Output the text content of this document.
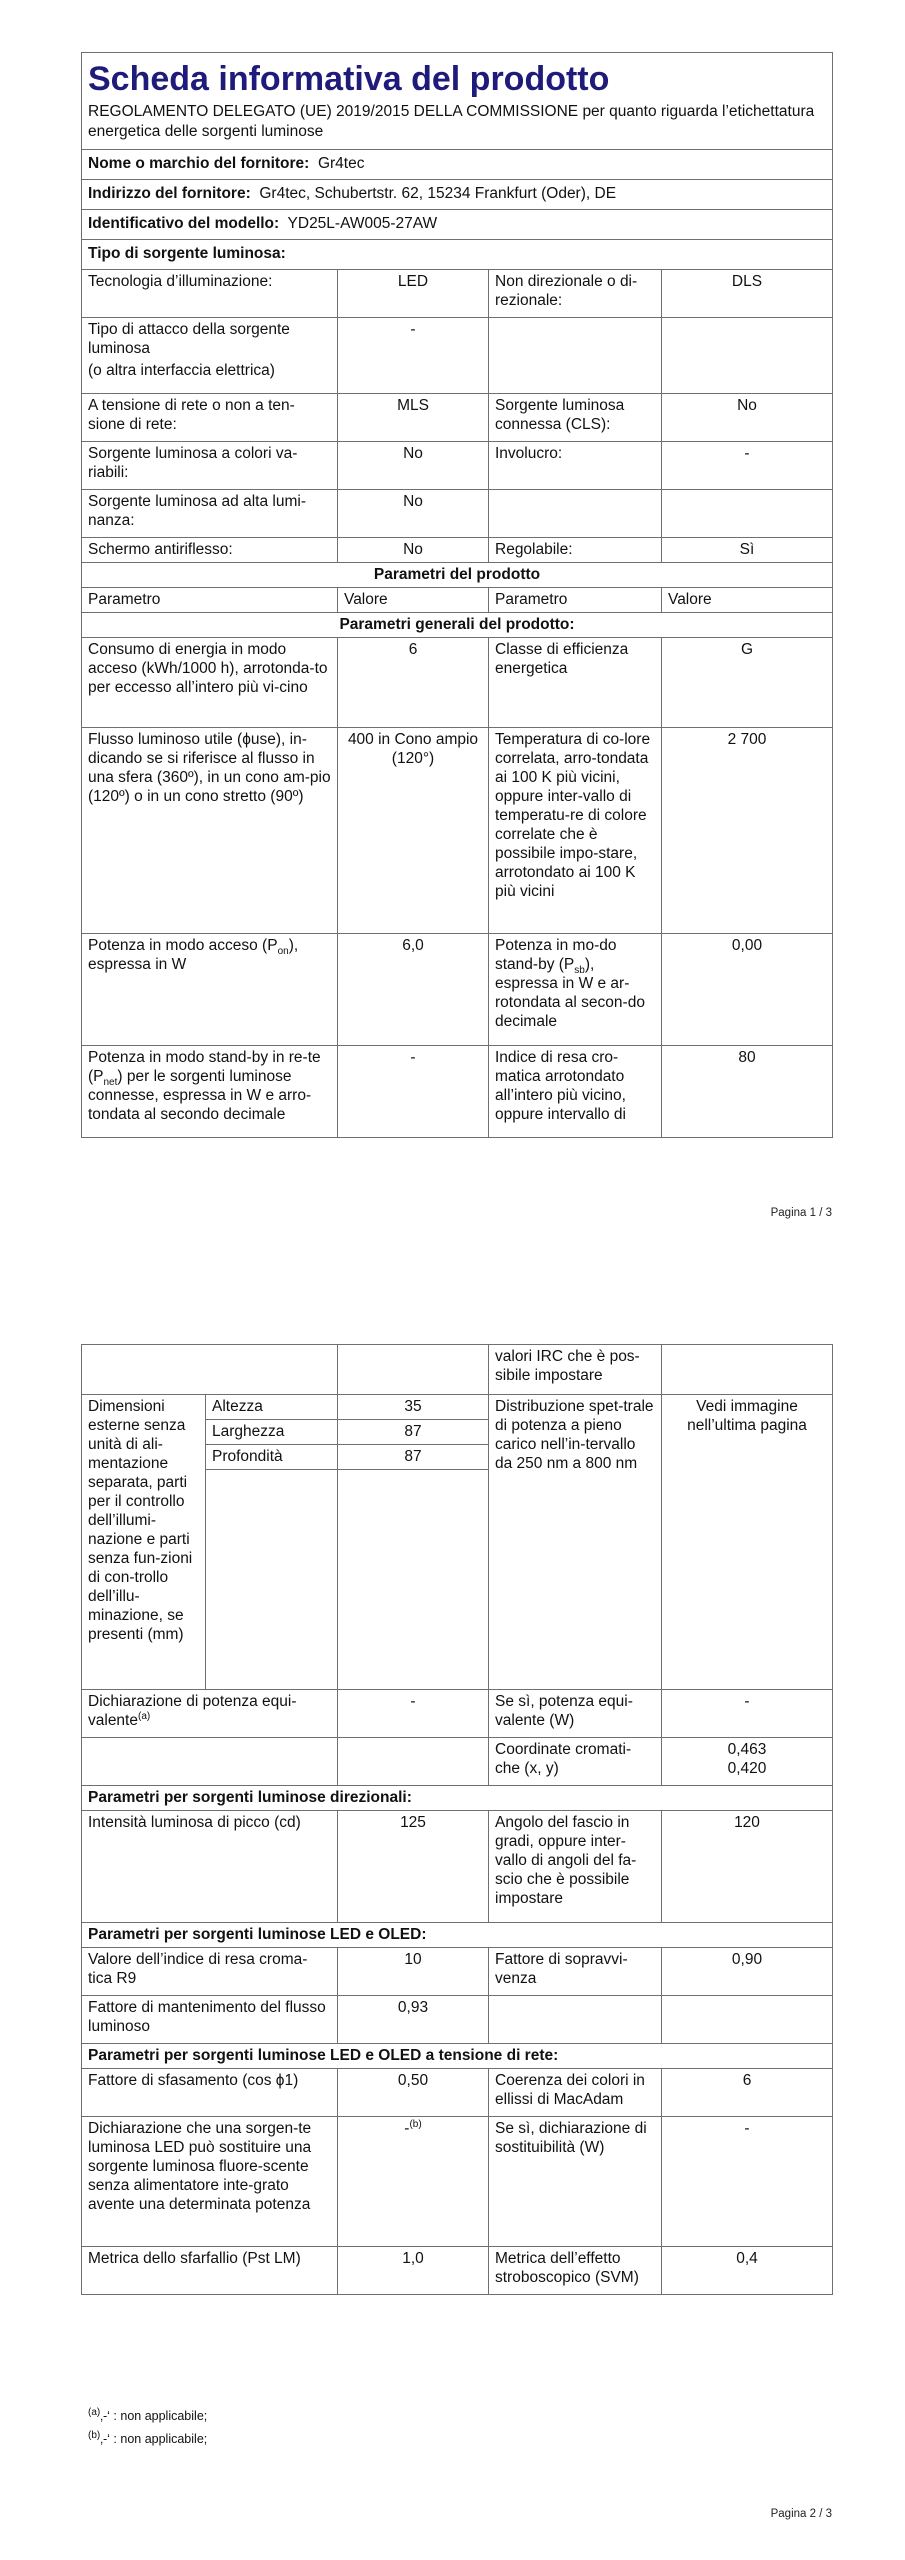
Scheda informativa del prodotto
REGOLAMENTO DELEGATO (UE) 2019/2015 DELLA COMMISSIONE per quanto riguarda l’etichettatura energetica delle sorgenti luminose			

Nome o marchio del fornitore: Gr4tec			
Indirizzo del fornitore: Gr4tec, Schubertstr. 62, 15234 Frankfurt (Oder), DE			
Identificativo del modello: YD25L-AW005-27AW			
Tipo di sorgente luminosa:			
Tecnologia d’illuminazione:	LED	Non direzionale o di-rezionale:	DLS

Tipo di attacco della sorgente luminosa
(o altra interfaccia elettrica)	-		
A tensione di rete o non a ten-sione di rete:	MLS	Sorgente luminosa connessa (CLS):	No
Sorgente luminosa a colori va-riabili:	No	Involucro:	-
Sorgente luminosa ad alta lumi-nanza:	No		
Schermo antiriflesso:	No	Regolabile:	Sì
Parametri del prodotto			
Parametro	Valore	Parametro	Valore
Parametri generali del prodotto:			
Consumo di energia in modo acceso (kWh/1000 h), arrotonda-to per eccesso all’intero più vi-cino	6	Classe di efficienza energetica	G
Flusso luminoso utile (ϕuse), in-dicando se si riferisce al flusso in una sfera (360º), in un cono am-pio (120º) o in un cono stretto (90º)	400 in Cono ampio (120°)	Temperatura di co-lore correlata, arro-tondata ai 100 K più vicini, oppure inter-vallo di temperatu-re di colore correlate che è possibile impo-stare, arrotondato ai 100 K più vicini	2 700
Potenza in modo acceso $(P_{on})$, espressa in W	6,0	Potenza in mo-do stand-by $(P_{sb})$, espressa in W e ar-rotondata al secon-do decimale	0,00
Potenza in modo stand-by in re-te $(P_{net})$ per le sorgenti luminose connesse, espressa in W e arro-tondata al secondo decimale	-	Indice di resa cro-matica arrotondato all’intero più vicino, oppure intervallo di	80
Pagina 1 / 3
			valori IRC che è pos-sibile impostare	
Dimensioni esterne senza unità di ali-mentazione separata, parti per il controllo dell’illumi-nazione e parti senza fun-zioni di con-trollo dell’illu-minazione, se presenti (mm)	Altezza	35	Distribuzione spet-trale di potenza a pieno carico nell’in-tervallo da 250 nm a 800 nm	Vedi immagine nell’ultima pagina
	Larghezza	87		
	Profondità	87		

Dichiarazione di potenza equi-valente$^{(a)}$		-	Se sì, potenza equi-valente (W)	-
			Coordinate cromati-che (x, y)	0,463
0,420

Parametri per sorgenti luminose direzionali:				
Intensità luminosa di picco (cd)		125	Angolo del fascio in gradi, oppure inter-vallo di angoli del fa-scio che è possibile impostare	120
Parametri per sorgenti luminose LED e OLED:				
Valore dell’indice di resa croma-tica R9		10	Fattore di sopravvi-venza	0,90
Fattore di mantenimento del flusso luminoso		0,93		
Parametri per sorgenti luminose LED e OLED a tensione di rete:				
Fattore di sfasamento (cos ϕ1)		0,50	Coerenza dei colori in ellissi di MacAdam	6
Dichiarazione che una sorgen-te luminosa LED può sostituire una sorgente luminosa fluore-scente senza alimentatore inte-grato avente una determinata potenza		-$^{(b)}$	Se sì, dichiarazione di sostituibilità (W)	-
Metrica dello sfarfallio (Pst LM)		1,0	Metrica dell’effetto stroboscopico (SVM)	0,4
$^{(a)}$‚-‘ : non applicabile;
$^{(b)}$‚-‘ : non applicabile;
Pagina 2 / 3
